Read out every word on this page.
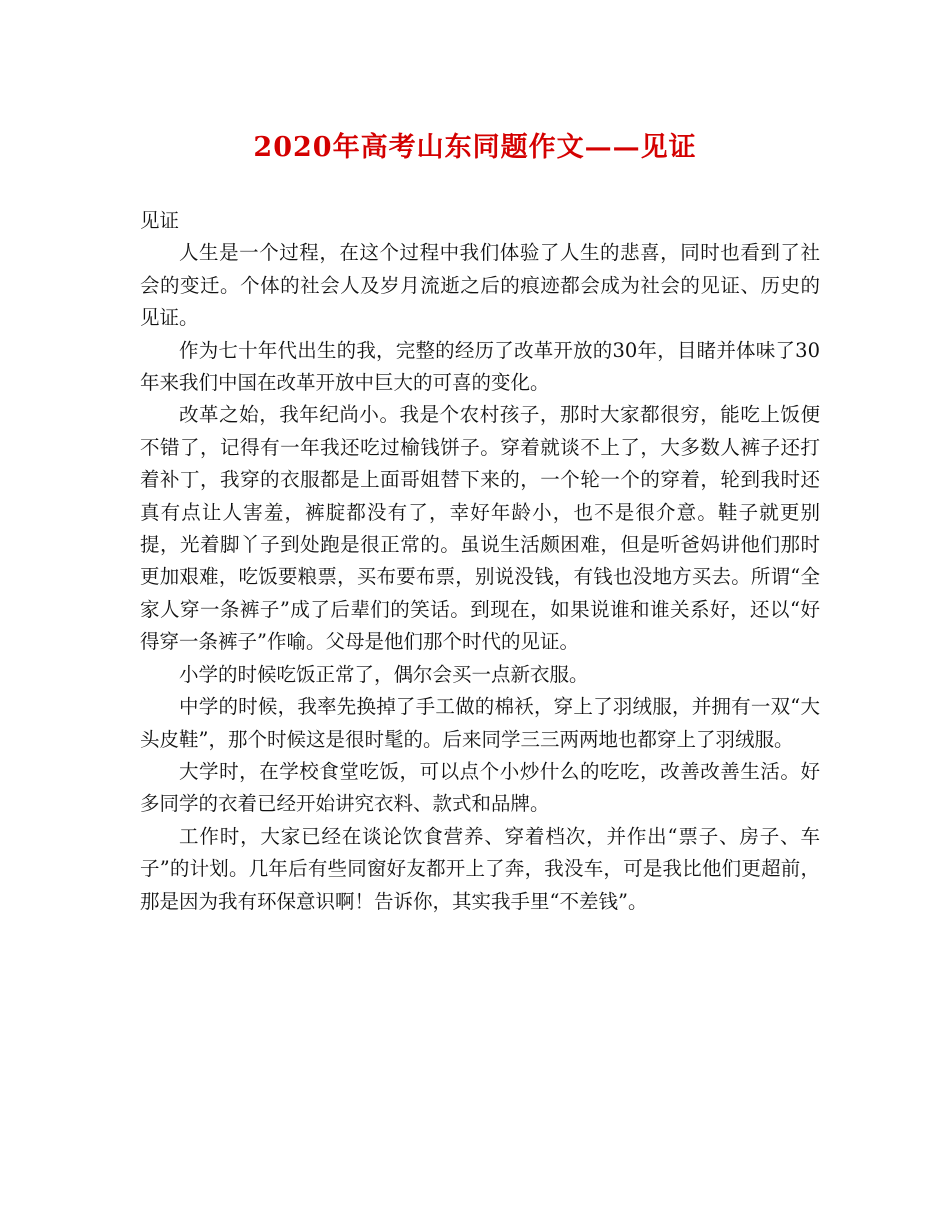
2020年高考山东同题作文——见证

见证

人生是一个过程，在这个过程中我们体验了人生的悲喜，同时也看到了社会的变迁。个体的社会人及岁月流逝之后的痕迹都会成为社会的见证、历史的见证。

作为七十年代出生的我，完整的经历了改革开放的30年，目睹并体味了30年来我们中国在改革开放中巨大的可喜的变化。

改革之始，我年纪尚小。我是个农村孩子，那时大家都很穷，能吃上饭便不错了，记得有一年我还吃过榆钱饼子。穿着就谈不上了，大多数人裤子还打着补丁，我穿的衣服都是上面哥姐替下来的，一个轮一个的穿着，轮到我时还真有点让人害羞，裤腚都没有了，幸好年龄小，也不是很介意。鞋子就更别提，光着脚丫子到处跑是很正常的。虽说生活颇困难，但是听爸妈讲他们那时更加艰难，吃饭要粮票，买布要布票，别说没钱，有钱也没地方买去。所谓“全家人穿一条裤子”成了后辈们的笑话。到现在，如果说谁和谁关系好，还以“好得穿一条裤子”作喻。父母是他们那个时代的见证。

小学的时候吃饭正常了，偶尔会买一点新衣服。

中学的时候，我率先换掉了手工做的棉袄，穿上了羽绒服，并拥有一双“大头皮鞋”，那个时候这是很时髦的。后来同学三三两两地也都穿上了羽绒服。

大学时，在学校食堂吃饭，可以点个小炒什么的吃吃，改善改善生活。好多同学的衣着已经开始讲究衣料、款式和品牌。

工作时，大家已经在谈论饮食营养、穿着档次，并作出“票子、房子、车子”的计划。几年后有些同窗好友都开上了奔，我没车，可是我比他们更超前，那是因为我有环保意识啊！告诉你，其实我手里“不差钱”。
